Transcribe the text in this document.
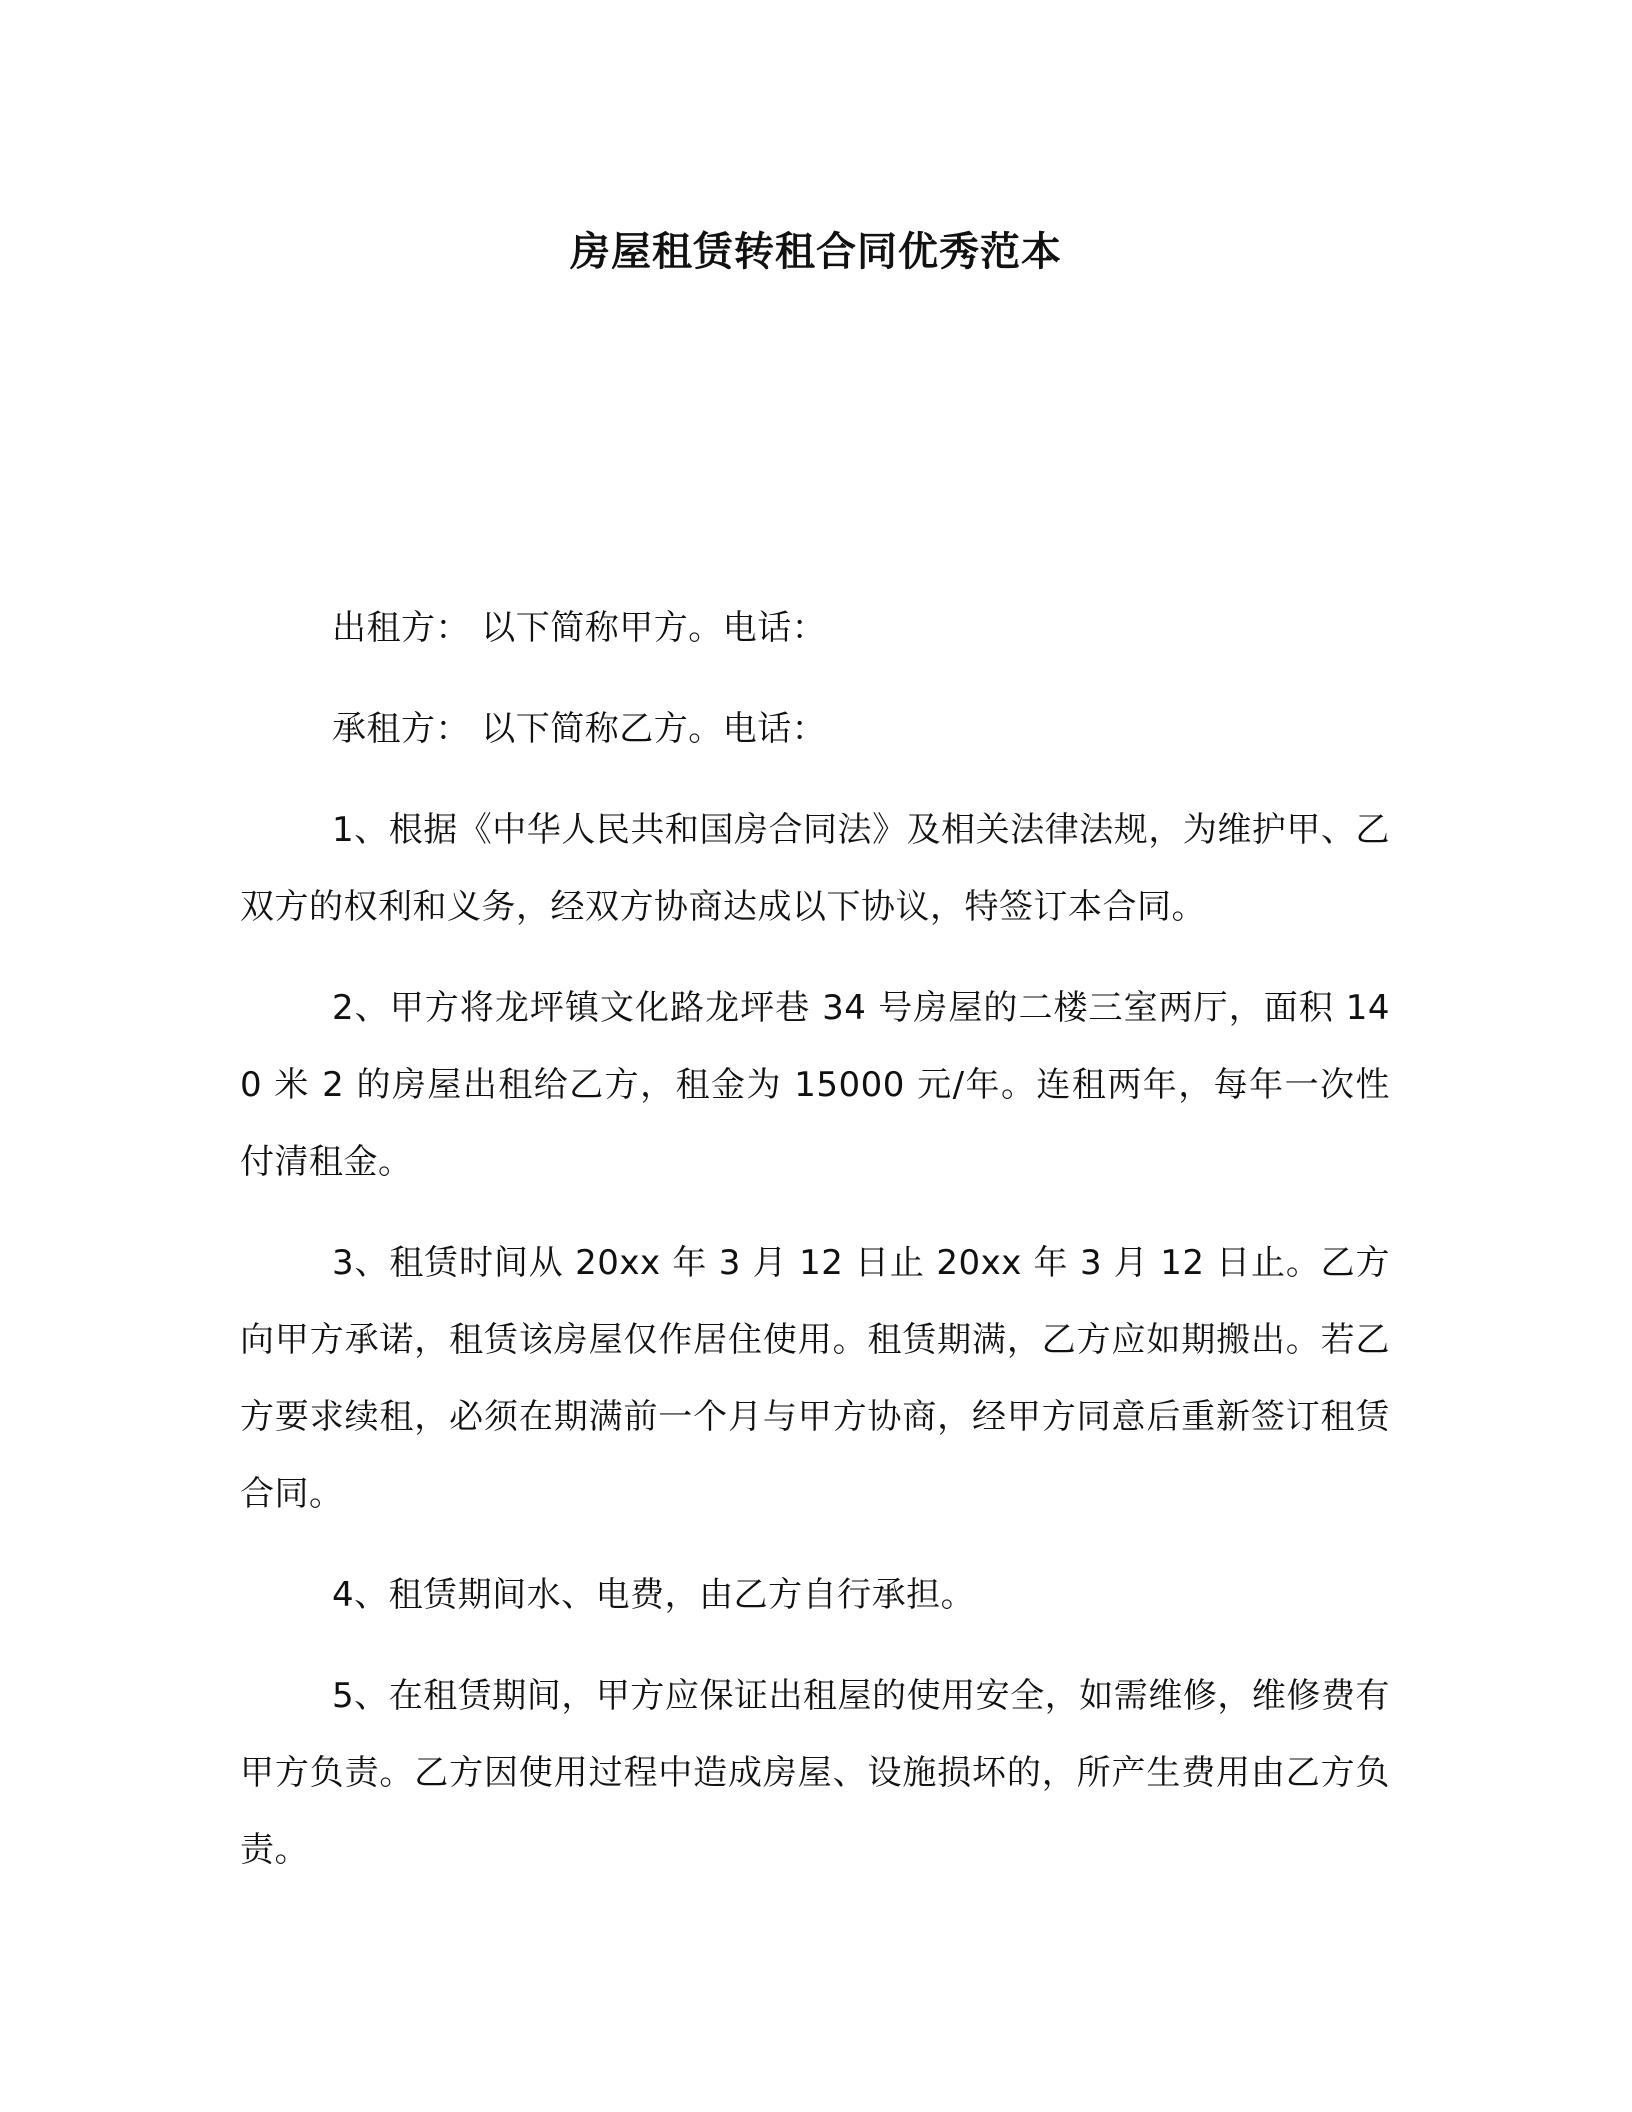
房屋租赁转租合同优秀范本

出租方： 以下简称甲方。电话：

承租方： 以下简称乙方。电话：

1、根据《中华人民共和国房合同法》及相关法律法规，为维护甲、乙双方的权利和义务，经双方协商达成以下协议，特签订本合同。

2、甲方将龙坪镇文化路龙坪巷 34 号房屋的二楼三室两厅，面积 140 米 2 的房屋出租给乙方，租金为 15000 元/年。连租两年，每年一次性付清租金。

3、租赁时间从 20xx 年 3 月 12 日止 20xx 年 3 月 12 日止。乙方向甲方承诺，租赁该房屋仅作居住使用。租赁期满，乙方应如期搬出。若乙方要求续租，必须在期满前一个月与甲方协商，经甲方同意后重新签订租赁合同。

4、租赁期间水、电费，由乙方自行承担。

5、在租赁期间，甲方应保证出租屋的使用安全，如需维修，维修费有甲方负责。乙方因使用过程中造成房屋、设施损坏的，所产生费用由乙方负责。
